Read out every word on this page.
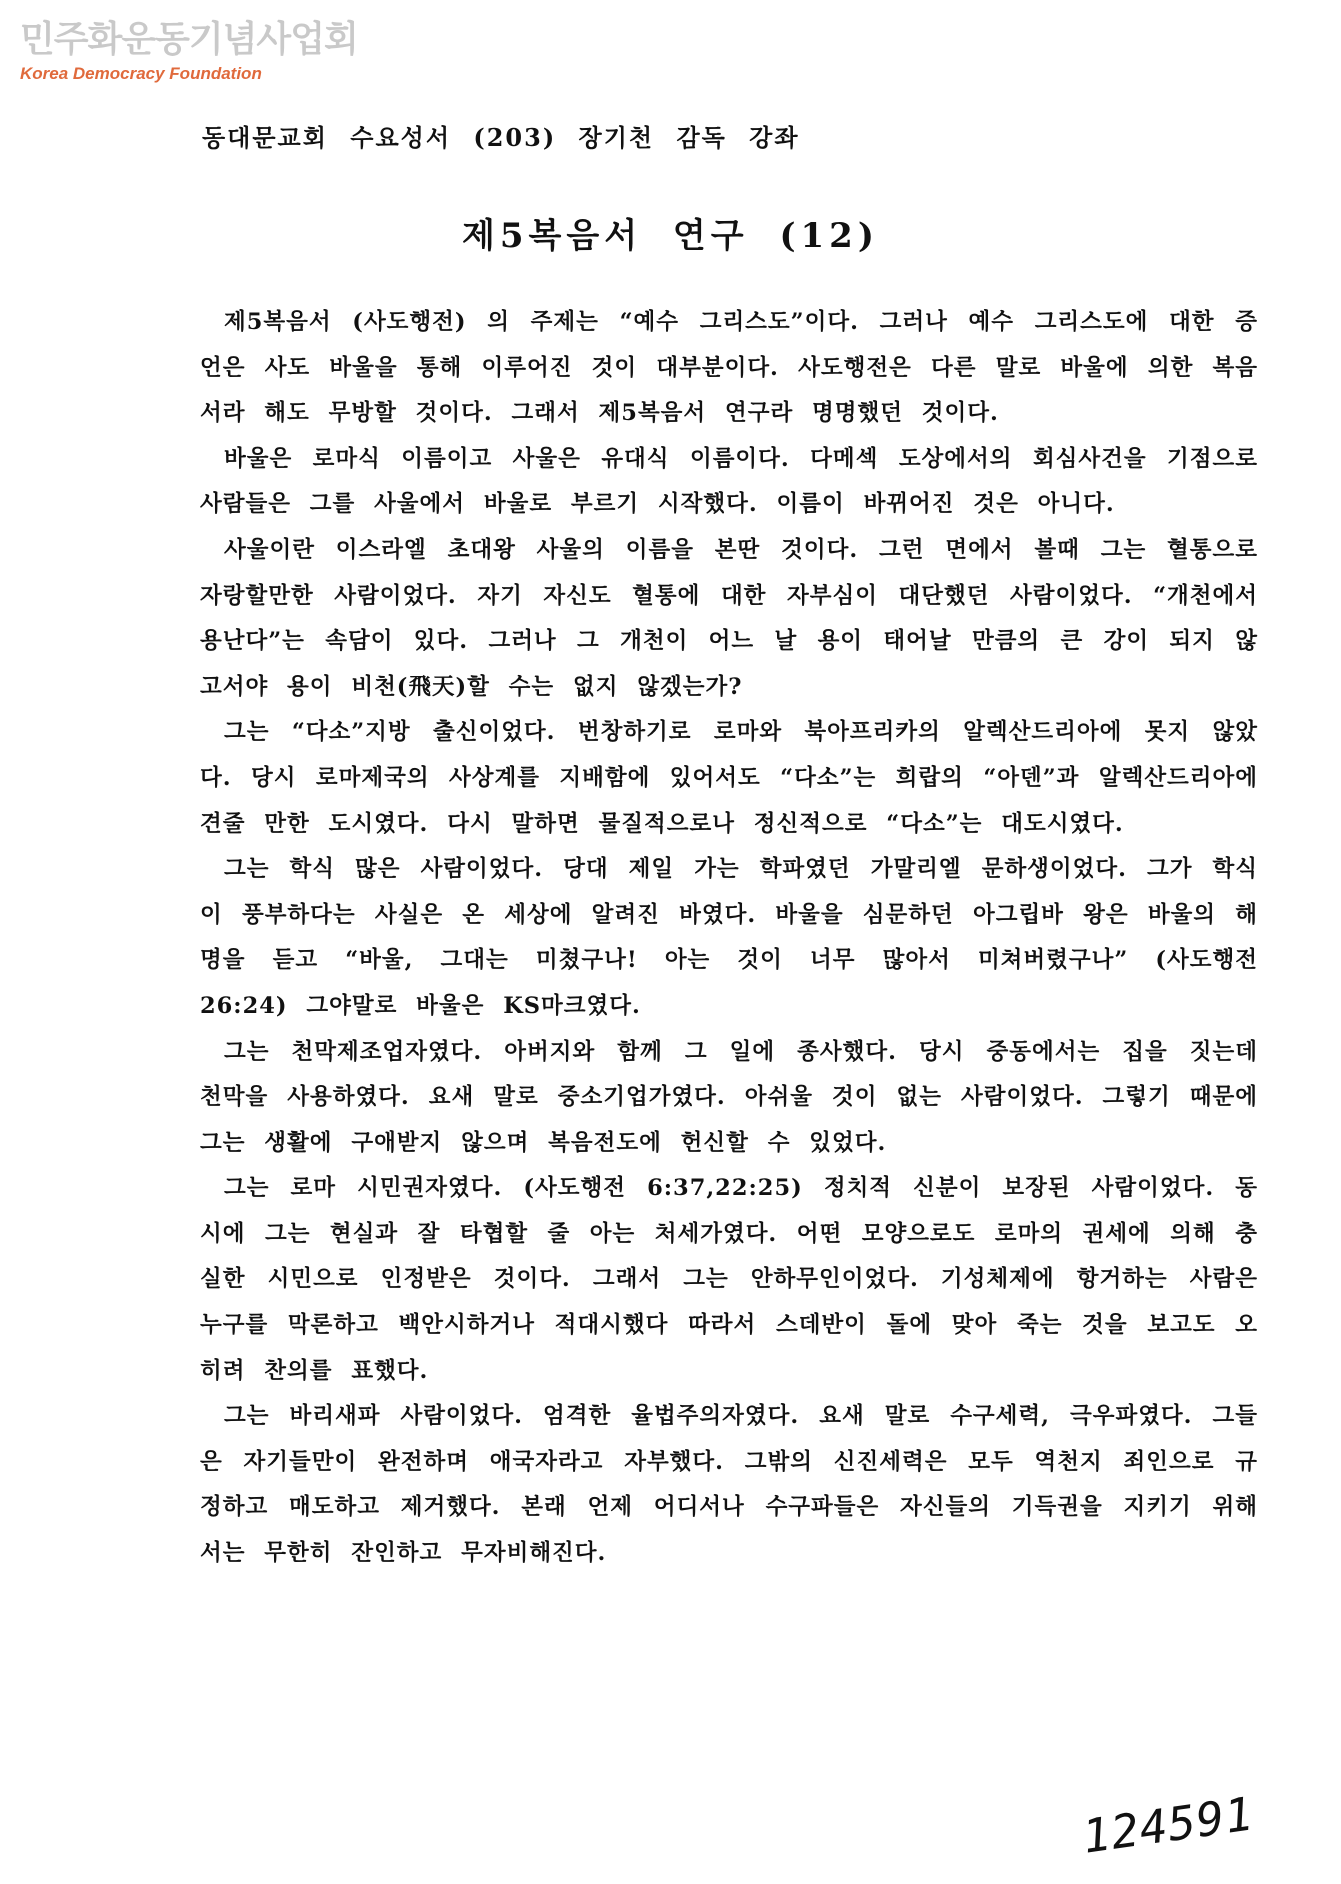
민주화운동기념사업회
Korea Democracy Foundation
동대문교회 수요성서 (203) 장기천 감독 강좌
제5복음서 연구 (12)

제5복음서 (사도행전) 의 주제는 “예수 그리스도”이다. 그러나 예수 그리스도에 대한 증언은 사도 바울을 통해 이루어진 것이 대부분이다. 사도행전은 다른 말로 바울에 의한 복음서라 해도 무방할 것이다. 그래서 제5복음서 연구라 명명했던 것이다.

바울은 로마식 이름이고 사울은 유대식 이름이다. 다메섹 도상에서의 회심사건을 기점으로 사람들은 그를 사울에서 바울로 부르기 시작했다. 이름이 바뀌어진 것은 아니다.

사울이란 이스라엘 초대왕 사울의 이름을 본딴 것이다. 그런 면에서 볼때 그는 혈통으로 자랑할만한 사람이었다. 자기 자신도 혈통에 대한 자부심이 대단했던 사람이었다. “개천에서 용난다”는 속담이 있다. 그러나 그 개천이 어느 날 용이 태어날 만큼의 큰 강이 되지 않고서야 용이 비천(飛天)할 수는 없지 않겠는가?

그는 “다소”지방 출신이었다. 번창하기로 로마와 북아프리카의 알렉산드리아에 못지 않았다. 당시 로마제국의 사상계를 지배함에 있어서도 “다소”는 희랍의 “아덴”과 알렉산드리아에 견줄 만한 도시였다. 다시 말하면 물질적으로나 정신적으로 “다소”는 대도시였다.

그는 학식 많은 사람이었다. 당대 제일 가는 학파였던 가말리엘 문하생이었다. 그가 학식이 풍부하다는 사실은 온 세상에 알려진 바였다. 바울을 심문하던 아그립바 왕은 바울의 해명을 듣고 “바울, 그대는 미쳤구나! 아는 것이 너무 많아서 미쳐버렸구나” (사도행전 26:24) 그야말로 바울은 KS마크였다.

그는 천막제조업자였다. 아버지와 함께 그 일에 종사했다. 당시 중동에서는 집을 짓는데 천막을 사용하였다. 요새 말로 중소기업가였다. 아쉬울 것이 없는 사람이었다. 그렇기 때문에 그는 생활에 구애받지 않으며 복음전도에 헌신할 수 있었다.

그는 로마 시민권자였다. (사도행전 6:37,22:25) 정치적 신분이 보장된 사람이었다. 동시에 그는 현실과 잘 타협할 줄 아는 처세가였다. 어떤 모양으로도 로마의 권세에 의해 충실한 시민으로 인정받은 것이다. 그래서 그는 안하무인이었다. 기성체제에 항거하는 사람은 누구를 막론하고 백안시하거나 적대시했다 따라서 스데반이 돌에 맞아 죽는 것을 보고도 오히려 찬의를 표했다.

그는 바리새파 사람이었다. 엄격한 율법주의자였다. 요새 말로 수구세력, 극우파였다. 그들은 자기들만이 완전하며 애국자라고 자부했다. 그밖의 신진세력은 모두 역천지 죄인으로 규정하고 매도하고 제거했다. 본래 언제 어디서나 수구파들은 자신들의 기득권을 지키기 위해서는 무한히 잔인하고 무자비해진다.

124591
